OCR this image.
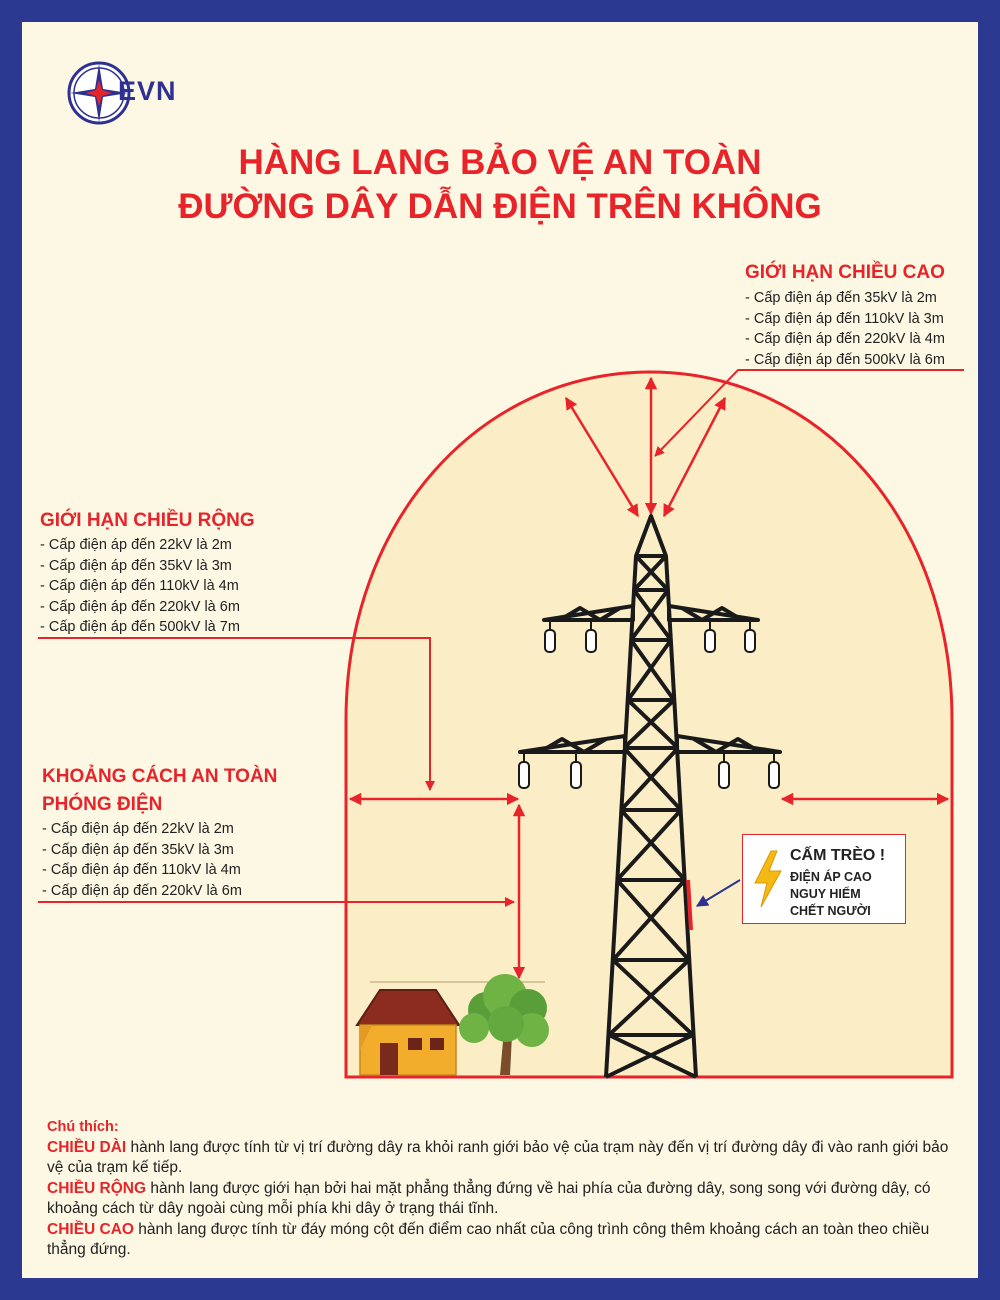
EVN
HÀNG LANG BẢO VỆ AN TOÀN
ĐƯỜNG DÂY DẪN ĐIỆN TRÊN KHÔNG
GIỚI HẠN CHIỀU CAO
- Cấp điện áp đến 35kV là 2m
- Cấp điện áp đến 110kV là 3m
- Cấp điện áp đến 220kV là 4m
- Cấp điện áp đến 500kV là 6m
GIỚI HẠN CHIỀU RỘNG
- Cấp điện áp đến 22kV là 2m
- Cấp điện áp đến 35kV là 3m
- Cấp điện áp đến 110kV là 4m
- Cấp điện áp đến 220kV là 6m
- Cấp điện áp đến 500kV là 7m
KHOẢNG CÁCH AN TOÀN
PHÓNG ĐIỆN
- Cấp điện áp đến 22kV là 2m
- Cấp điện áp đến 35kV là 3m
- Cấp điện áp đến 110kV là 4m
- Cấp điện áp đến 220kV là 6m
CẤM TRÈO !
ĐIỆN ÁP CAO
NGUY HIỂM
CHẾT NGƯỜI
Chú thích:
CHIỀU DÀI hành lang được tính từ vị trí đường dây ra khỏi ranh giới bảo vệ của trạm này đến vị trí đường dây đi vào ranh giới bảo vệ của trạm kế tiếp.
CHIỀU RỘNG hành lang được giới hạn bởi hai mặt phẳng thẳng đứng về hai phía của đường dây, song song với đường dây, có khoảng cách từ dây ngoài cùng mỗi phía khi dây ở trạng thái tĩnh.
CHIỀU CAO hành lang được tính từ đáy móng cột đến điểm cao nhất của công trình công thêm khoảng cách an toàn theo chiều thẳng đứng.
